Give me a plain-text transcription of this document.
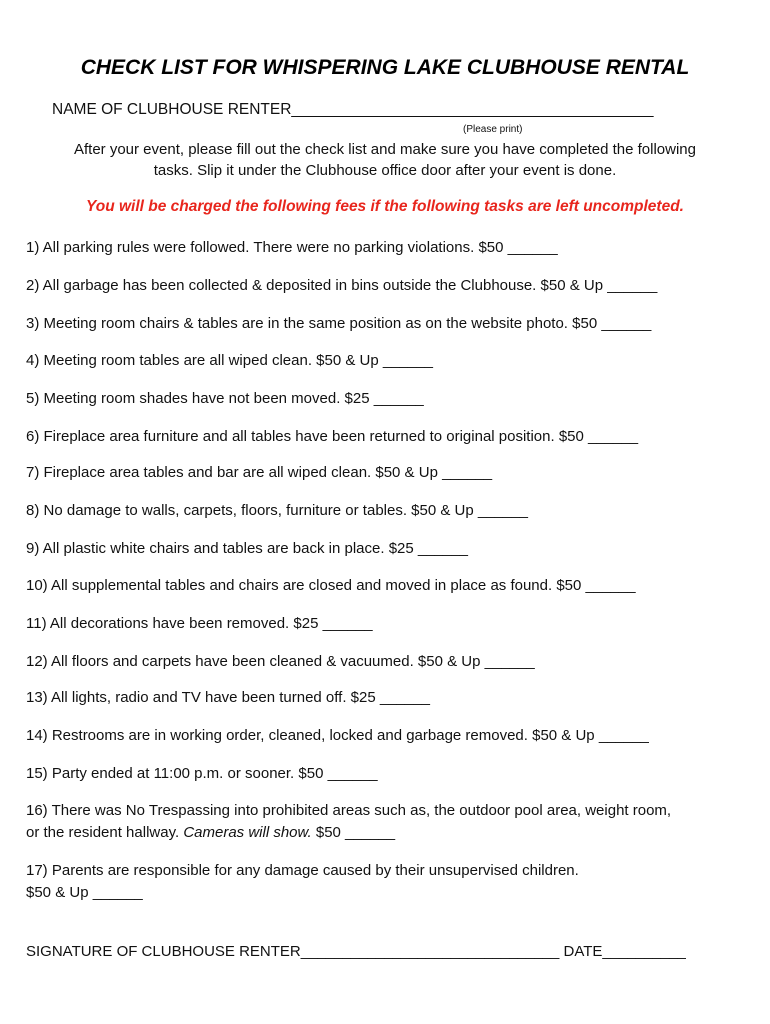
CHECK LIST FOR WHISPERING LAKE CLUBHOUSE RENTAL
NAME OF CLUBHOUSE RENTER__________________________________________
(Please print)
After your event, please fill out the check list and make sure you have completed the following
tasks. Slip it under the Clubhouse office door after your event is done.
You will be charged the following fees if the following tasks are left uncompleted.
1) All parking rules were followed. There were no parking violations. $50 ______
2) All garbage has been collected & deposited in bins outside the Clubhouse. $50 & Up ______
3) Meeting room chairs & tables are in the same position as on the website photo. $50 ______
4) Meeting room tables are all wiped clean. $50 & Up ______
5) Meeting room shades have not been moved. $25 ______
6) Fireplace area furniture and all tables have been returned to original position. $50 ______
7) Fireplace area tables and bar are all wiped clean. $50 & Up ______
8) No damage to walls, carpets, floors, furniture or tables. $50 & Up ______
9) All plastic white chairs and tables are back in place. $25 ______
10) All supplemental tables and chairs are closed and moved in place as found. $50 ______
11) All decorations have been removed. $25 ______
12) All floors and carpets have been cleaned & vacuumed. $50 & Up ______
13) All lights, radio and TV have been turned off. $25 ______
14) Restrooms are in working order, cleaned, locked and garbage removed. $50 & Up ______
15) Party ended at 11:00 p.m. or sooner. $50 ______
16) There was No Trespassing into prohibited areas such as, the outdoor pool area, weight room,
or the resident hallway. Cameras will show. $50 ______
17) Parents are responsible for any damage caused by their unsupervised children.
$50 & Up ______
SIGNATURE OF CLUBHOUSE RENTER_______________________________ DATE__________
